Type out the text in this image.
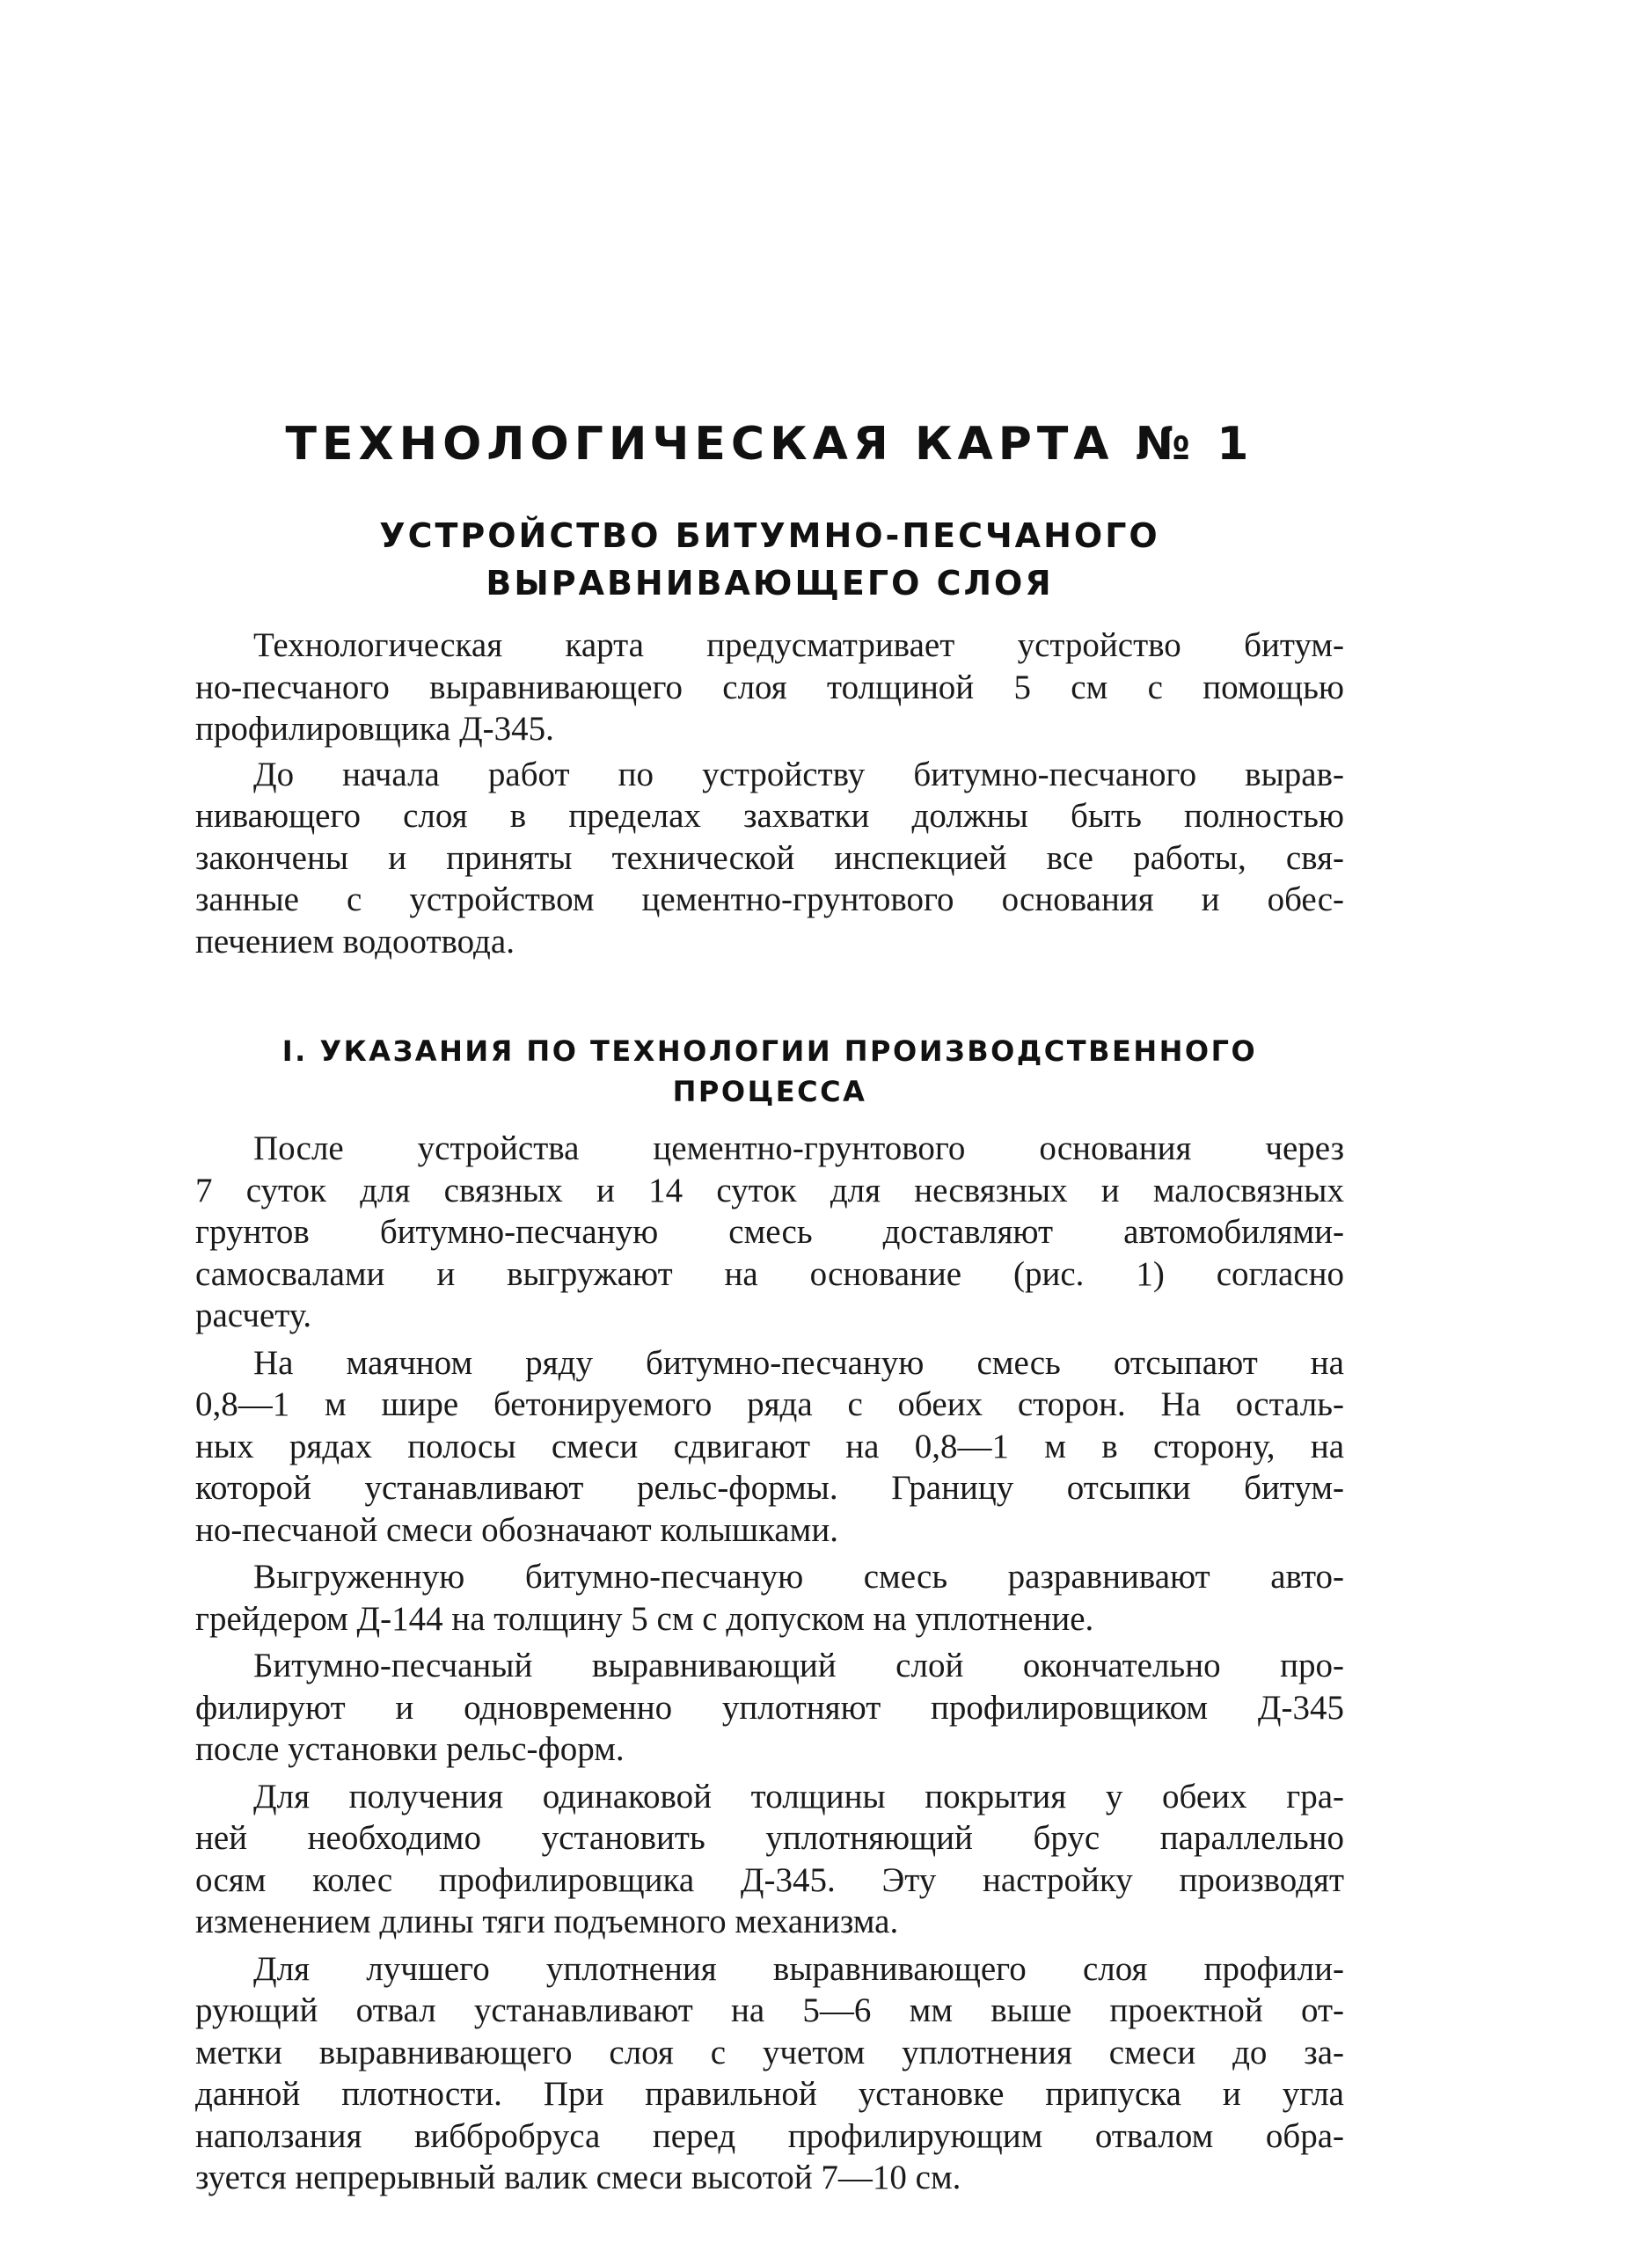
ТЕХНОЛОГИЧЕСКАЯ КАРТА № 1
УСТРОЙСТВО БИТУМНО-ПЕСЧАНОГО
ВЫРАВНИВАЮЩЕГО СЛОЯ

Технологическая карта предусматривает устройство битум-
но-песчаного выравнивающего слоя толщиной 5 см с помощью
профилировщика Д-345.

До начала работ по устройству битумно-песчаного вырав-
нивающего слоя в пределах захватки должны быть полностью
закончены и приняты технической инспекцией все работы, свя-
занные с устройством цементно-грунтового основания и обес-
печением водоотвода.

I. УКАЗАНИЯ ПО ТЕХНОЛОГИИ ПРОИЗВОДСТВЕННОГО
ПРОЦЕССА

После устройства цементно-грунтового основания через
7 суток для связных и 14 суток для несвязных и малосвязных
грунтов битумно-песчаную смесь доставляют автомобилями-
самосвалами и выгружают на основание (рис. 1) согласно
расчету.

На маячном ряду битумно-песчаную смесь отсыпают на
0,8—1 м шире бетонируемого ряда с обеих сторон. На осталь-
ных рядах полосы смеси сдвигают на 0,8—1 м в сторону, на
которой устанавливают рельс-формы. Границу отсыпки битум-
но-песчаной смеси обозначают колышками.

Выгруженную битумно-песчаную смесь разравнивают авто-
грейдером Д-144 на толщину 5 см с допуском на уплотнение.

Битумно-песчаный выравнивающий слой окончательно про-
филируют и одновременно уплотняют профилировщиком Д-345
после установки рельс-форм.

Для получения одинаковой толщины покрытия у обеих гра-
ней необходимо установить уплотняющий брус параллельно
осям колес профилировщика Д-345. Эту настройку производят
изменением длины тяги подъемного механизма.

Для лучшего уплотнения выравнивающего слоя профили-
рующий отвал устанавливают на 5—6 мм выше проектной от-
метки выравнивающего слоя с учетом уплотнения смеси до за-
данной плотности. При правильной установке припуска и угла
наползания виббробруса перед профилирующим отвалом обра-
зуется непрерывный валик смеси высотой 7—10 см.
